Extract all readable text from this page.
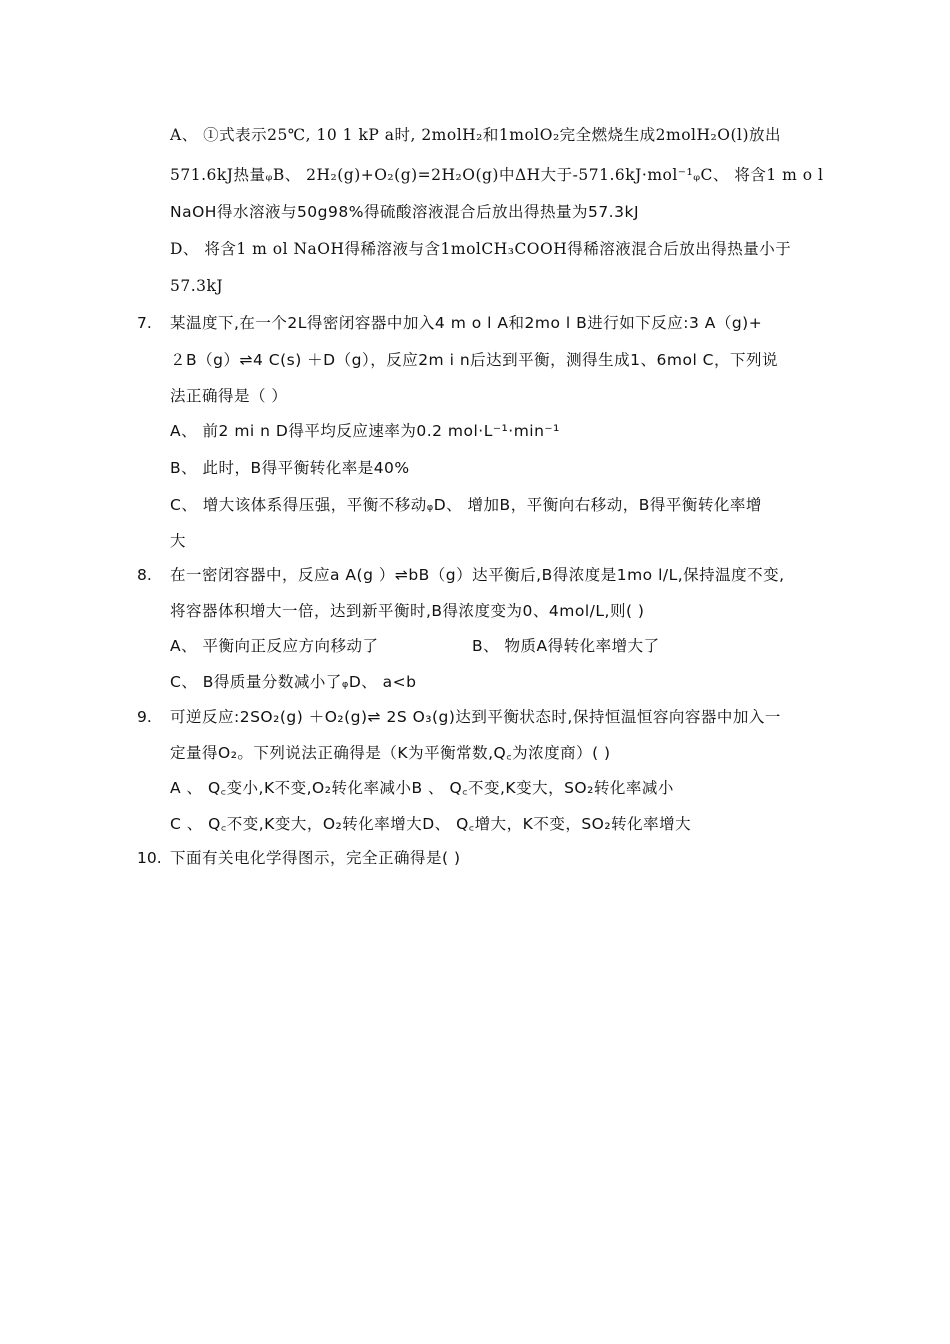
A、 ①式表示25℃, 10 1 kP a时, 2molH₂和1molO₂完全燃烧生成2molH₂O(l)放出
571.6kJ热量ᵩB、 2H₂(g)+O₂(g)=2H₂O(g)中ΔH大于-571.6kJ·mol⁻¹ᵩC、 将含1 m o l
NaOH得水溶液与50g98%得硫酸溶液混合后放出得热量为57.3kJ
D、 将含1 m ol NaOH得稀溶液与含1molCH₃COOH得稀溶液混合后放出得热量小于
57.3kJ
7. 某温度下,在一个2L得密闭容器中加入4 m o l A和2mo l B进行如下反应:3 A（g)+
２B（g）⇌4 C(s) ＋D（g），反应2m i n后达到平衡，测得生成1、6mol C，下列说
法正确得是（ ）
A、 前2 mi n D得平均反应速率为0.2 mol·L⁻¹·min⁻¹
B、 此时，B得平衡转化率是40%
C、 增大该体系得压强，平衡不移动ᵩD、 增加B，平衡向右移动，B得平衡转化率增
大
8. 在一密闭容器中，反应a A(g ）⇌bB（g）达平衡后,B得浓度是1mo l/L,保持温度不变,
将容器体积增大一倍，达到新平衡时,B得浓度变为0、4mol/L,则( )
A、 平衡向正反应方向移动了	B、 物质A得转化率增大了
C、 B得质量分数减小了ᵩD、 a<b
9. 可逆反应:2SO₂(g) ＋O₂(g)⇌ 2S O₃(g)达到平衡状态时,保持恒温恒容向容器中加入一
定量得O₂。下列说法正确得是（K为平衡常数,Q꜀为浓度商）( )
A 、 Q꜀变小,K不变,O₂转化率减小B 、 Q꜀不变,K变大，SO₂转化率减小
C 、 Q꜀不变,K变大，O₂转化率增大D、 Q꜀增大，K不变，SO₂转化率增大
10. 下面有关电化学得图示，完全正确得是( )
